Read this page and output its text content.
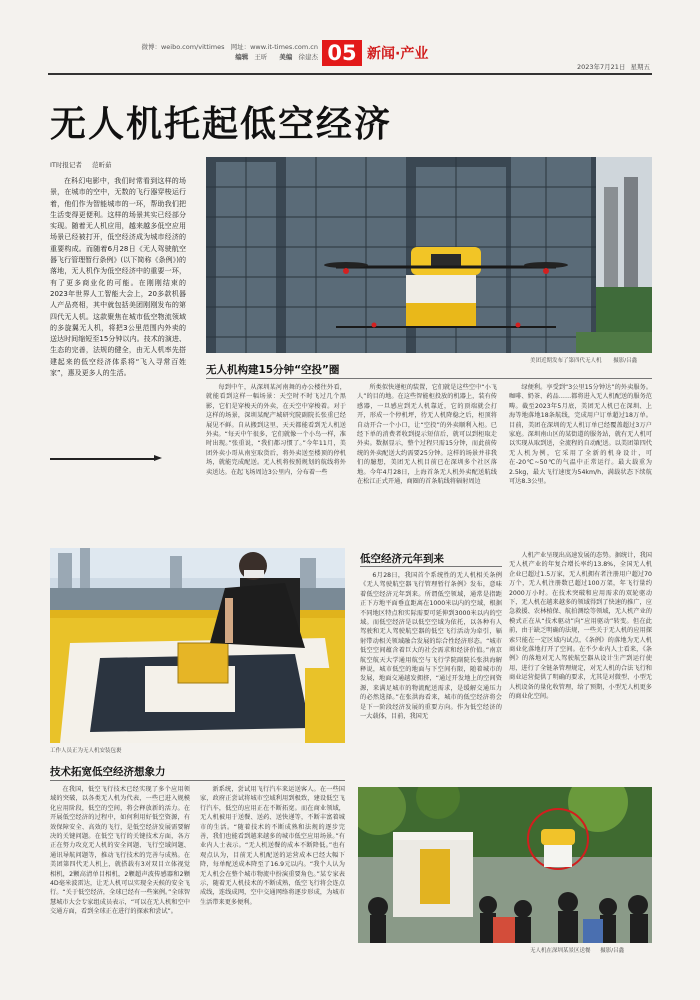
微博：weibo.com/vittimes 网址：www.it-times.com.cn
编辑 王昕 美编 徐建杰 05 新闻·产业
2023年7月21日 星期五
无人机托起低空经济
IT时报记者 范昕茹

在科幻电影中，我们时常看到这样的场景，在城市的空中，无数的飞行器穿梭运行着，他们作为智能城市的一环，帮助我们把生活变得更便利。这样的场景其实已经部分实现。随着无人机应用，越来越多低空应用场景已经被打开，低空经济成为城市经济的重要构成。而随着6月28日《无人驾驶航空器飞行管理暂行条例》(以下简称《条例》)的落地，无人机作为低空经济中的重要一环，有了更多商业化的可能。在刚刚结束的2023年世界人工智能大会上，20多款机器人产品亮相，其中就包括美团刚刚发布的第四代无人机。这款聚焦在城市低空物流领域的多旋翼无人机，将把3公里范围内外卖的送达时间缩短至15分钟以内。技术的演进、生态的完善，法规的健全，由无人机率先搭建起来的低空经济体系将“飞入寻常百姓家”，惠及更多人的生活。

美团近期发布了第四代无人机 摄影/吕鑫
无人机构建15分钟“空投”圈

每到中午，从深圳某河南舞的办公楼往外看，就能看到这样一幅场景：天空时不时飞过几个黑影，它们是穿梭天的外卖，在天空中穿梭着。对于这样的场景，深圳某配产城研究院副院长张重已经展见不鲜。自从搬到这里，天天都能看到无人机送外卖。“每天中午很多，它们就像一个小鸟一样，准时出现。”张重说，“我们都习惯了。”今年11月，美团外卖小哥从南室取货后，将外卖送至楼顶的停机场，就能完成配送。无人机将按照规划的航线将外卖送达。在起飞场周边3公里内，分布着一些

所类似快递柜的装置，它们就是这些空中“小飞人”的目的地。在这些智能柜投放的机器上，装有传感器，一旦感应到无人机靠近，它的顶端就会打开，形成一个停机坪，待无人机降稳之后，柜顶将自动开合一个小口，让“空投”的外卖顺利入柜。已经下单的消费者收到提示短信后，就可以到柜取走外卖。数据显示，整个过程只需15分钟，而此前传统的外卖配送大约需要25分钟。这样的场景并非我们的臆想，美团无人机目前已在深圳多个社区落地。今年4月28日，上海首条无人机外卖配送航线在松江正式开通，商圈的首条航线将辐射周边

绿便利。享受到“3公里15分钟达”的外卖服务。咖啡、奶茶、药品……都将进入无人机配送的服务范畴。截至2023年5月底，美团无人机已在深圳、上海等地落地18条航线，完成用户订单超过18万单。目前，美团在深圳的无人机订单已经覆盖超过3万户家庭。深圳南山区的某街道的服务站，就有无人机可以实现从取到送，全流程的自动配送。以美团第四代无人机为例，它采用了全新的机身设计，可在-20℃~50℃的气温中正常运行。最大载重为2.5kg，最大飞行速度为54km/h，满载状态下续航可达8.3公里。

工作人员正为无人机安装包裹
低空经济元年到来

6月28日，我国首个系统性的无人机相关条例《无人驾驶航空器飞行管理暂行条例》发布，意味着低空经济元年到来。所谓低空领域，通常是指距正下方地平面垂直距离在1000米以内的空域，根据不同地区特点和实际需要可延伸到3000米以内的空域。而低空经济是以低空空域为依托，以各种有人驾驶和无人驾驶航空器的低空飞行活动为牵引，辐射带动相关领域融合发展的综合性经济形态。“城市低空空间蕴含着巨大的社会需求和经济价值。”南京航空航天大学通用航空与飞行学院副院长张洪海解释说，城市低空的地面与下空间有限，随着城市的发展，地面交通越发拥挤，“通过开发地上的空间资源，来满足城市的物流配送需求，是缓解交通压力的必然选择。”在张洪海看来，城市的低空经济将会是下一阶段经济发展的重要方向。作为低空经济的一大载体，目前，我国无

人机产业呈现出高速发展的态势。据统计，我国无人机产业的年复合增长率约13.8%，全国无人机企业已超过1.5万家，无人机拥有者注册用户超过70万个，无人机注册数已超过100万架，年飞行量约2000万小时。在技术突破和应用需求的双轮驱动下，无人机在越来越多的领域得到了快速的推广，应急救援、农林植保、航拍测绘等领域，无人机产业的模式正在从“技术驱动”向“应用驱动”转变。但在此前，由于缺乏明确的法规，一些关于无人机的应用探索只能在一定区域内试点，《条例》的落地为无人机商业化落地打开了空间。在不少业内人士看来，《条例》的落地对无人驾驶航空器从设计生产到运行使用，进行了全链条管理规定，对无人机的合法飞行和商业运营提供了明确的要求，尤其是对微型、小型无人机设备的量化收管理，给了预期，小型无人机更多的商业化空间。

技术拓宽低空经济想象力

在我国，低空飞行技术已经实现了多个应用领域的突破，以各类无人机为代表，一些已进入规模化应用阶段，低空的空间，将会释放新的活力。在开展低空经济的过程中，如何利用好低空资源，有效保障安全、高效的飞行，是低空经济发展需要解决的关键问题。在低空飞行的关键技术方面，各方正在努力攻克无人机的安全问题、飞行空域问题、通讯导航问题等，推动飞行技术的完善与成熟。在美团第四代无人机上，就搭载有3对双目立体视觉相机，2颗高清单目相机，2颗超声波传感器和2颗4D毫米波雷达，让无人机可以实现全天候的安全飞行。“关于低空经济，全球已经有一些案例。”全球智慧城市大会专家组成员表示，“可以在无人机和空中交通方面，看到全球正在进行的探索和尝试”。

新系统，尝试用飞行汽车来运送客人。在一些国家，政府正尝试将城市空域利用到极致，建设低空飞行汽车，低空的应用正在不断拓宽。而在商业领域，无人机被用于送餐、送药、送快递等，不断丰富着城市的生活。“随着技术的不断成熟和法规的逐步完善，我们也能看到越来越多的城市低空应用场景。”有业内人士表示。“无人机送餐的成本不断降低。”也有观点认为，目前无人机配送的运营成本已经大幅下降，每单配送成本降至了16.9元以内。“我个人认为无人机会在整个城市物流中扮演重要角色。”某专家表示，随着无人机技术的不断成熟，低空飞行将会连点成线，连线成网，空中交通网络将逐步形成，为城市生活带来更多便利。

无人机在深圳某景区送餐 摄影/吕鑫
